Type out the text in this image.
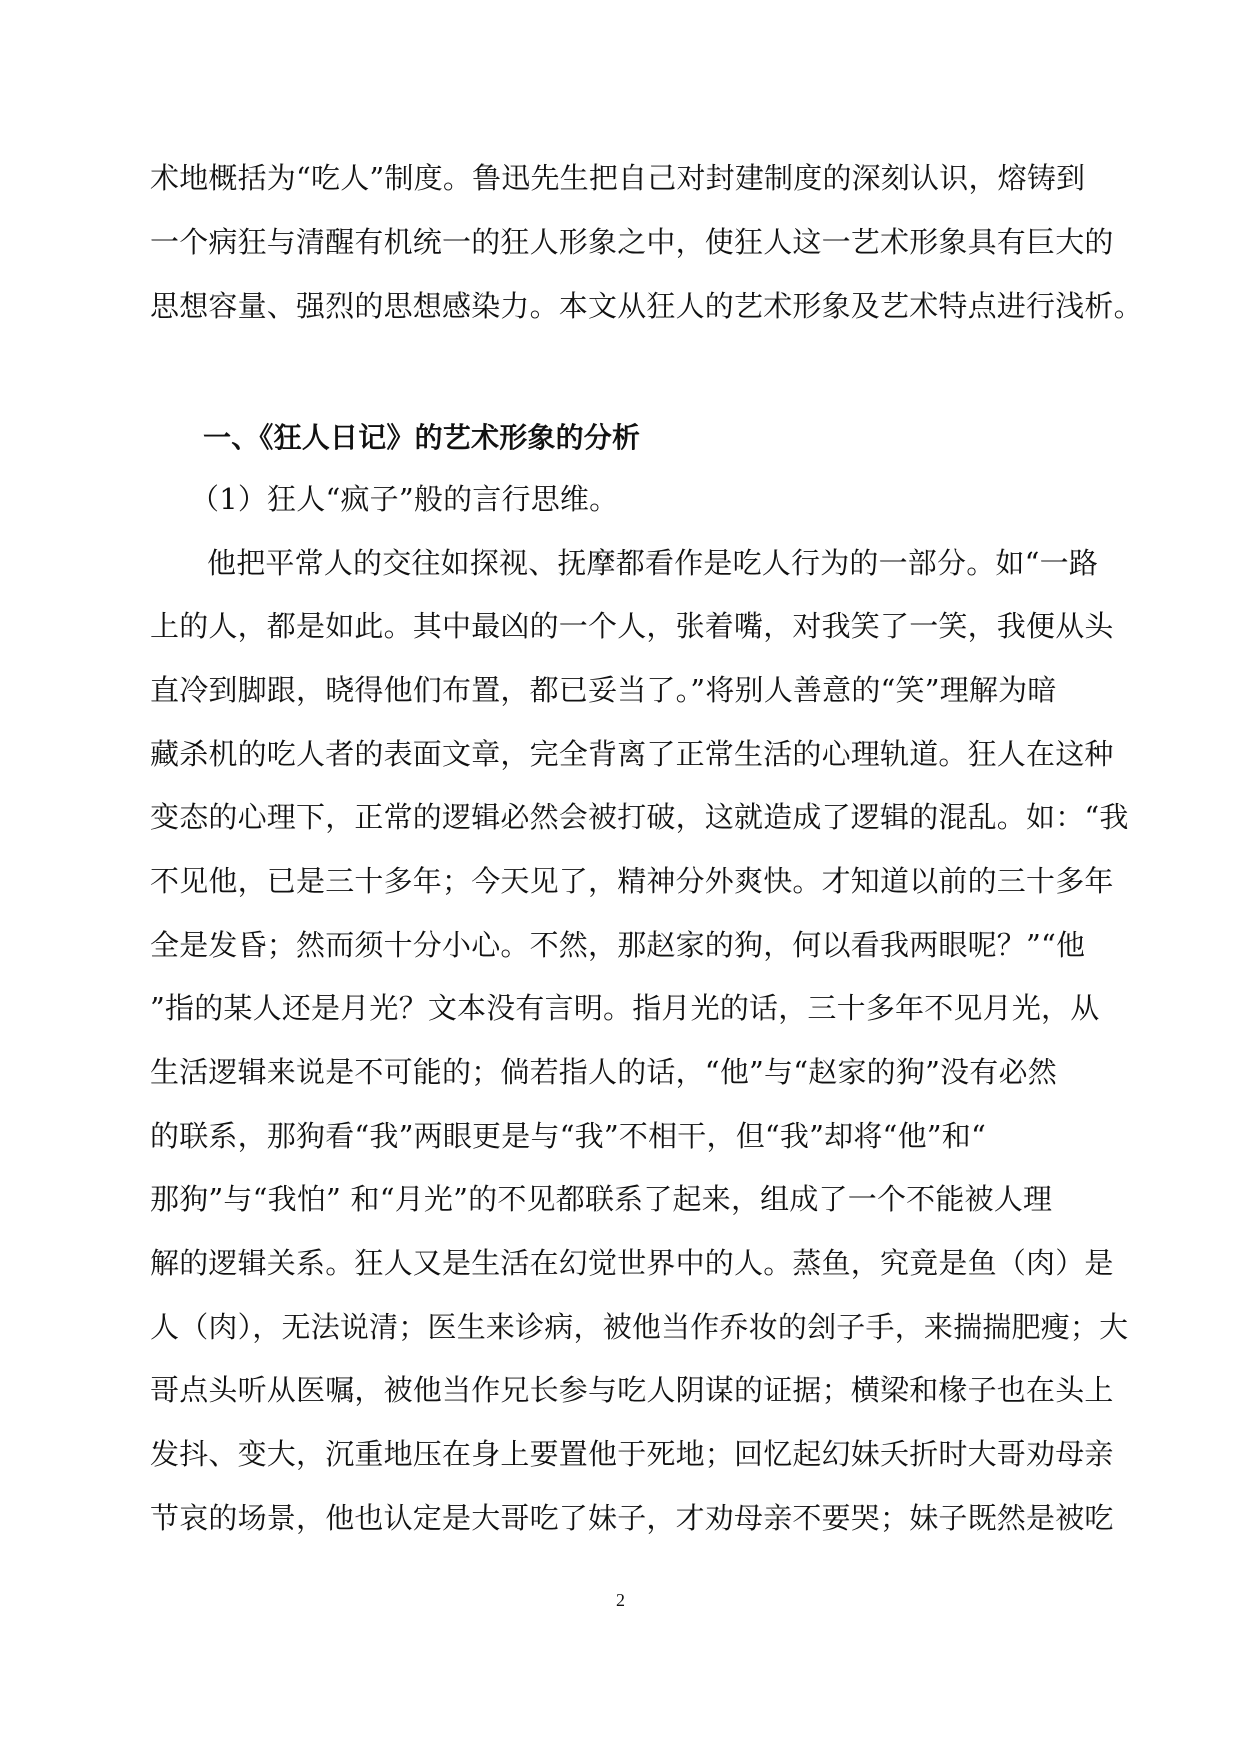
术地概括为“吃人”制度。鲁迅先生把自己对封建制度的深刻认识，熔铸到
一个病狂与清醒有机统一的狂人形象之中，使狂人这一艺术形象具有巨大的
思想容量、强烈的思想感染力。本文从狂人的艺术形象及艺术特点进行浅析。
一、《狂人日记》的艺术形象的分析
（1）狂人“疯子”般的言行思维。
他把平常人的交往如探视、抚摩都看作是吃人行为的一部分。如“一路
上的人，都是如此。其中最凶的一个人，张着嘴，对我笑了一笑，我便从头
直冷到脚跟，晓得他们布置，都已妥当了。”将别人善意的“笑”理解为暗
藏杀机的吃人者的表面文章，完全背离了正常生活的心理轨道。狂人在这种
变态的心理下，正常的逻辑必然会被打破，这就造成了逻辑的混乱。如：“我
不见他，已是三十多年；今天见了，精神分外爽快。才知道以前的三十多年
全是发昏；然而须十分小心。不然，那赵家的狗，何以看我两眼呢？”“他
”指的某人还是月光？文本没有言明。指月光的话，三十多年不见月光，从
生活逻辑来说是不可能的；倘若指人的话，“他”与“赵家的狗”没有必然
的联系，那狗看“我”两眼更是与“我”不相干，但“我”却将“他”和“
那狗”与“我怕” 和“月光”的不见都联系了起来，组成了一个不能被人理
解的逻辑关系。狂人又是生活在幻觉世界中的人。蒸鱼，究竟是鱼（肉）是
人（肉），无法说清；医生来诊病，被他当作乔妆的刽子手，来揣揣肥瘦；大
哥点头听从医嘱，被他当作兄长参与吃人阴谋的证据；横梁和椽子也在头上
发抖、变大，沉重地压在身上要置他于死地；回忆起幻妹夭折时大哥劝母亲
节哀的场景，他也认定是大哥吃了妹子，才劝母亲不要哭；妹子既然是被吃
2
